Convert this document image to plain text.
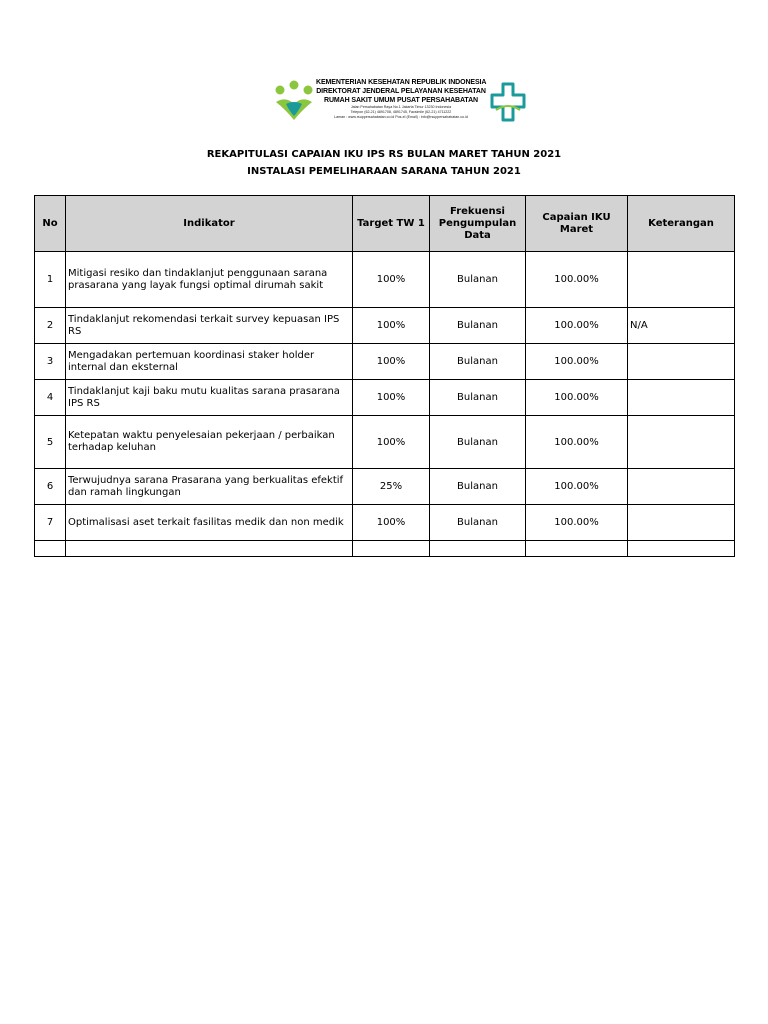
KEMENTERIAN KESEHATAN REPUBLIK INDONESIA
DIREKTORAT JENDERAL PELAYANAN KESEHATAN
RUMAH SAKIT UMUM PUSAT PERSAHABATAN
Jalan Persahabatan Raya No.1 Jakarta Timur 13230 Indonesia
Telepon (62-21) 4891708, 4891745, Facsimile (62-21) 4711222
Laman : www.rsuppersahabatan.co.id Pos-el (Email) : info@rsuppersahabatan.co.id
REKAPITULASI CAPAIAN IKU IPS RS BULAN MARET TAHUN 2021
INSTALASI PEMELIHARAAN SARANA TAHUN 2021
No	Indikator	Target TW 1	Frekuensi Pengumpulan Data	Capaian IKU Maret	Keterangan
1	Mitigasi resiko dan tindaklanjut penggunaan sarana prasarana yang layak fungsi optimal dirumah sakit	100%	Bulanan	100.00%	
2	Tindaklanjut rekomendasi terkait survey kepuasan IPS RS	100%	Bulanan	100.00%	N/A
3	Mengadakan pertemuan koordinasi staker holder internal dan eksternal	100%	Bulanan	100.00%	
4	Tindaklanjut kaji baku mutu kualitas sarana prasarana IPS RS	100%	Bulanan	100.00%	
5	Ketepatan waktu penyelesaian pekerjaan / perbaikan terhadap keluhan	100%	Bulanan	100.00%	
6	Terwujudnya sarana Prasarana yang berkualitas efektif dan ramah lingkungan	25%	Bulanan	100.00%	
7	Optimalisasi aset terkait fasilitas medik dan non medik	100%	Bulanan	100.00%	
